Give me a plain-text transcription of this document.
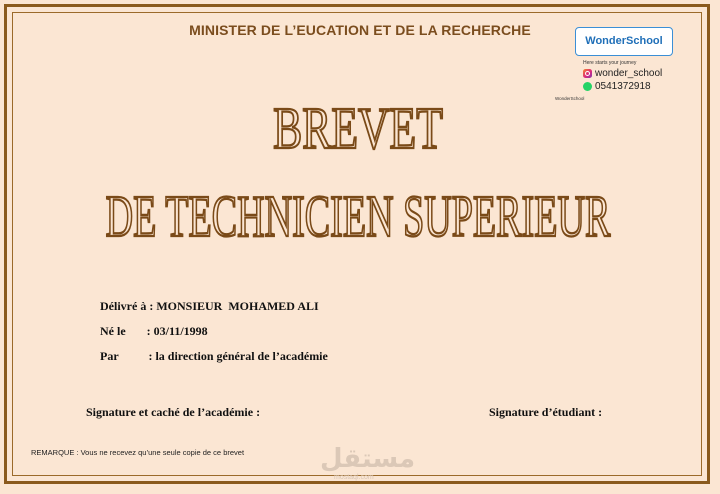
MINISTER DE L’EUCATION ET DE LA RECHERCHE
BREVET
DE TECHNICIEN SUPERIEUR

Délivré à : MONSIEUR  MOHAMED ALI

Né le       : 03/11/1998

Par          : la direction général de l’académie

Signature et caché de l’académie :	Signature d’étudiant :
REMARQUE : Vous ne recevez qu’une seule copie de ce brevet
WonderSchool
Here starts your journey
wonder_school
0541372918
WonderSchool
مستقل
mostaql.com
